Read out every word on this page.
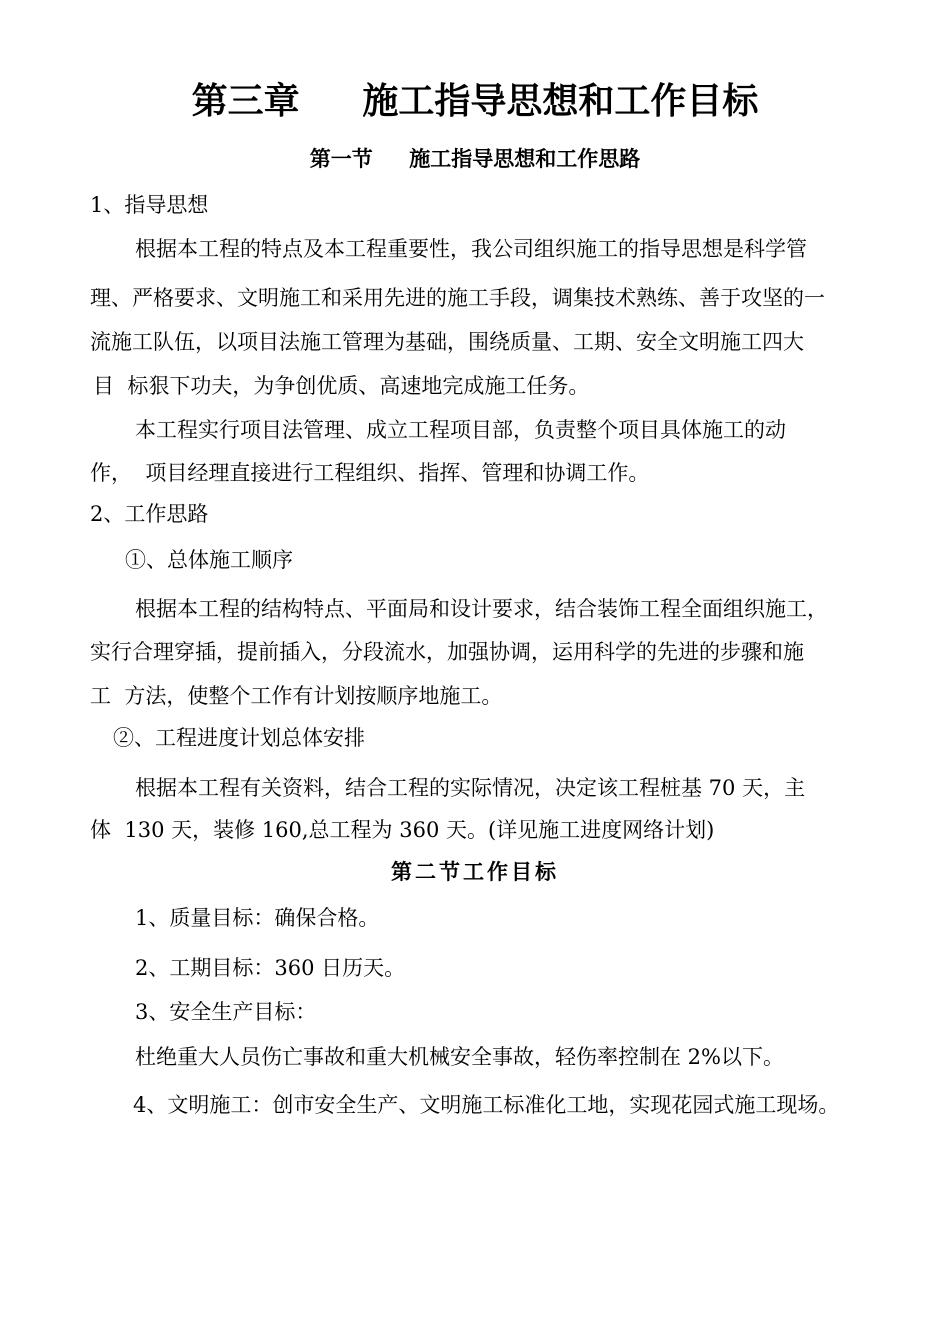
第三章     施工指导思想和工作目标
第一节     施工指导思想和工作思路
1、指导思想
根据本工程的特点及本工程重要性，我公司组织施工的指导思想是科学管
理、严格要求、文明施工和采用先进的施工手段，调集技术熟练、善于攻坚的一
流施工队伍，以项目法施工管理为基础，围绕质量、工期、安全文明施工四大
目  标狠下功夫，为争创优质、高速地完成施工任务。
本工程实行项目法管理、成立工程项目部，负责整个项目具体施工的动
作，  项目经理直接进行工程组织、指挥、管理和协调工作。
2、工作思路
①、总体施工顺序
根据本工程的结构特点、平面局和设计要求，结合装饰工程全面组织施工，
实行合理穿插，提前插入，分段流水，加强协调，运用科学的先进的步骤和施
工  方法，使整个工作有计划按顺序地施工。
②、工程进度计划总体安排
根据本工程有关资料，结合工程的实际情况，决定该工程桩基 70 天，主
体  130 天，装修 160,总工程为 360 天。(详见施工进度网络计划)
第二节工作目标
1、质量目标：确保合格。
2、工期目标：360 日历天。
3、安全生产目标：
杜绝重大人员伤亡事故和重大机械安全事故，轻伤率控制在 2%以下。
4、文明施工：创市安全生产、文明施工标准化工地，实现花园式施工现场。
